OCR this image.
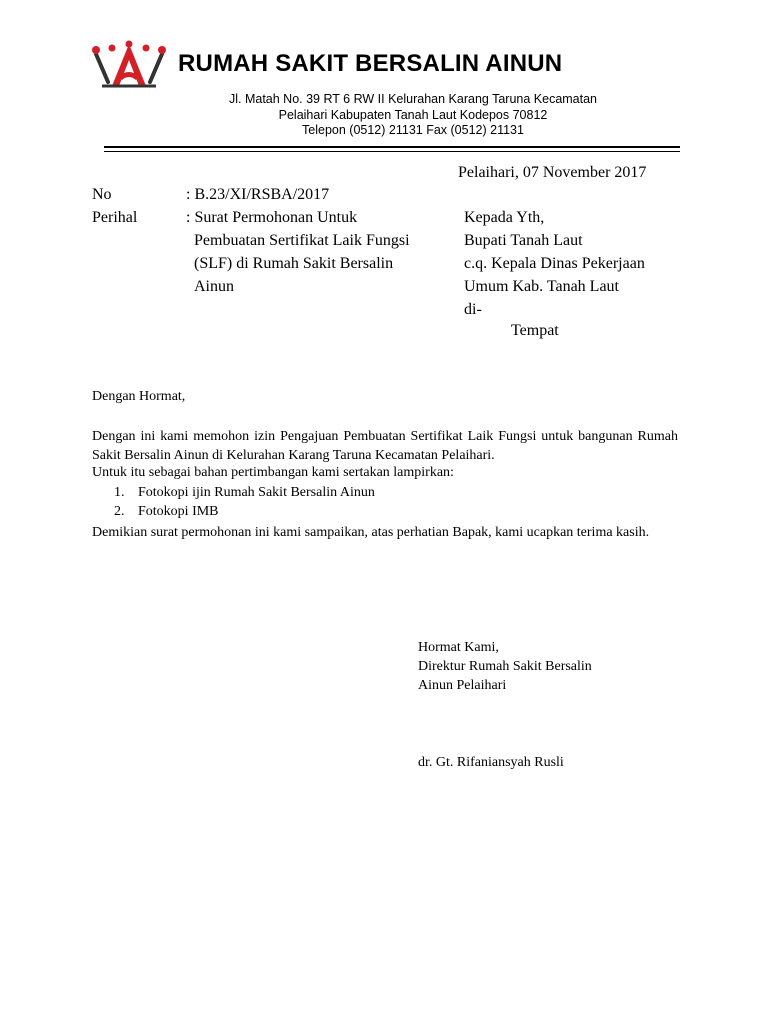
RUMAH SAKIT BERSALIN AINUN
Jl. Matah No. 39 RT 6 RW II Kelurahan Karang Taruna Kecamatan
Pelaihari Kabupaten Tanah Laut Kodepos 70812
Telepon (0512) 21131 Fax (0512) 21131
Pelaihari, 07 November 2017
No	: B.23/XI/RSBA/2017
Perihal	: Surat Permohonan Untuk
Pembuatan Sertifikat Laik Fungsi
(SLF) di Rumah Sakit Bersalin
Ainun
Kepada Yth,
Bupati Tanah Laut
c.q. Kepala Dinas Pekerjaan
Umum Kab. Tanah Laut
di-
Tempat
Dengan Hormat,
Dengan ini kami memohon izin Pengajuan Pembuatan Sertifikat Laik Fungsi untuk bangunan Rumah Sakit Bersalin Ainun di Kelurahan Karang Taruna Kecamatan Pelaihari.
Untuk itu sebagai bahan pertimbangan kami sertakan lampirkan:
1. Fotokopi ijin Rumah Sakit Bersalin Ainun
2. Fotokopi IMB
Demikian surat permohonan ini kami sampaikan, atas perhatian Bapak, kami ucapkan terima kasih.
Hormat Kami,
Direktur Rumah Sakit Bersalin
Ainun Pelaihari
dr. Gt. Rifaniansyah Rusli
